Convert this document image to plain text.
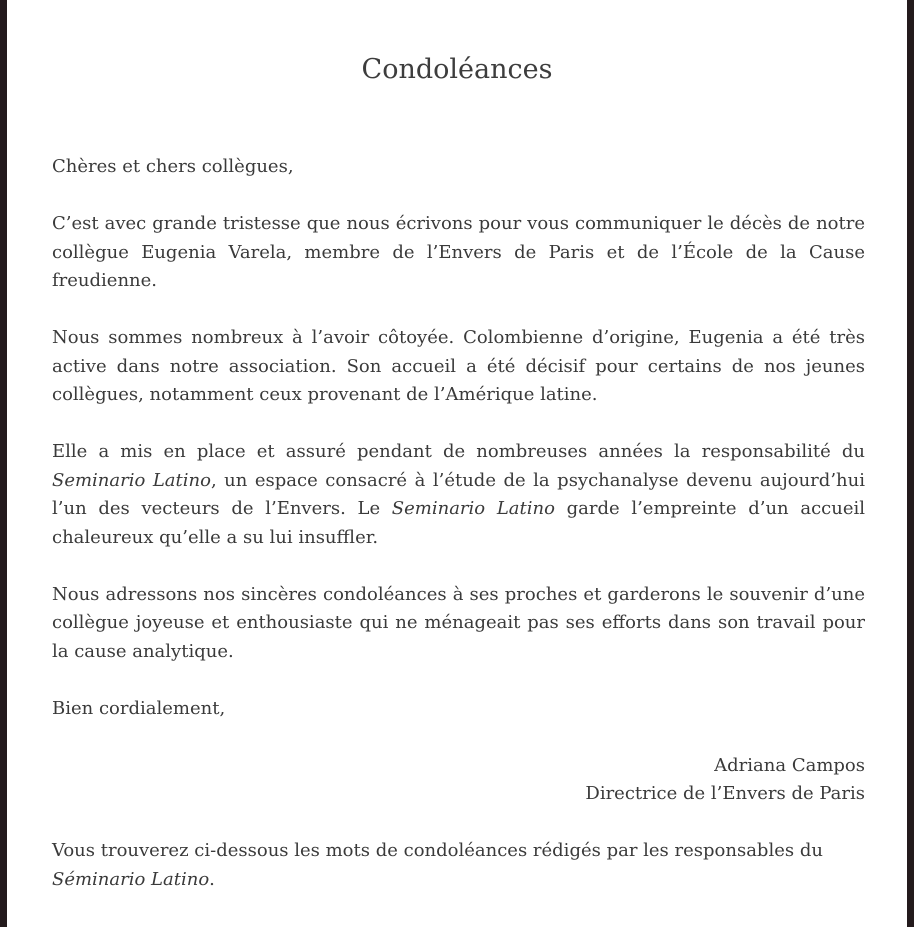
Condoléances

Chères et chers collègues,

C’est avec grande tristesse que nous écrivons pour vous communiquer le décès de notre collègue Eugenia Varela, membre de l’Envers de Paris et de l’École de la Cause freudienne.

Nous sommes nombreux à l’avoir côtoyée. Colombienne d’origine, Eugenia a été très active dans notre association. Son accueil a été décisif pour certains de nos jeunes collègues, notamment ceux provenant de l’Amérique latine.

Elle a mis en place et assuré pendant de nombreuses années la responsabilité du Seminario Latino, un espace consacré à l’étude de la psychanalyse devenu aujourd’hui l’un des vecteurs de l’Envers. Le Seminario Latino garde l’empreinte d’un accueil chaleureux qu’elle a su lui insuffler.

Nous adressons nos sincères condoléances à ses proches et garderons le souvenir d’une collègue joyeuse et enthousiaste qui ne ménageait pas ses efforts dans son travail pour la cause analytique.

Bien cordialement,

Adriana Campos
Directrice de l’Envers de Paris

Vous trouverez ci-dessous les mots de condoléances rédigés par les responsables du
Séminario Latino.
